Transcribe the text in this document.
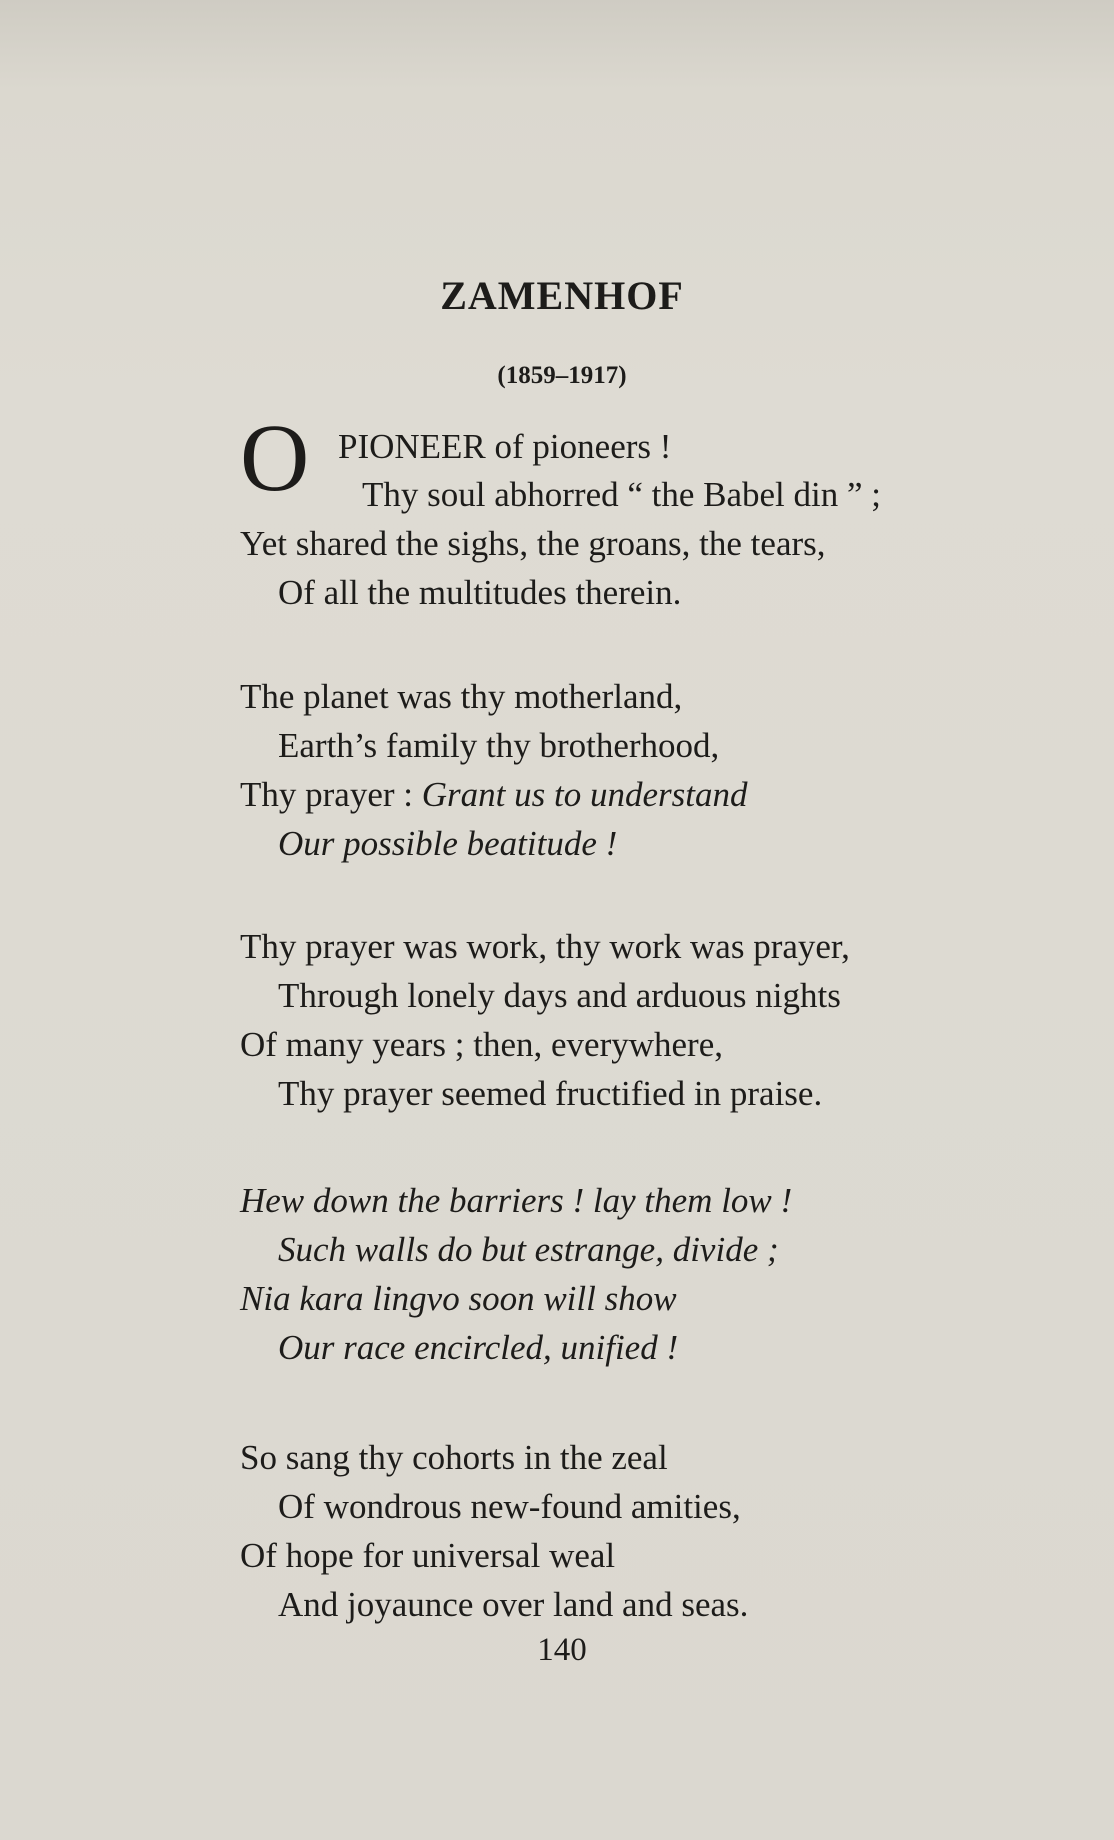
ZAMENHOF
(1859–1917)
O PIONEER of pioneers !
Thy soul abhorred “ the Babel din ” ;
Yet shared the sighs, the groans, the tears,
Of all the multitudes therein.
The planet was thy motherland,
Earth’s family thy brotherhood,
Thy prayer : Grant us to understand
Our possible beatitude !
Thy prayer was work, thy work was prayer,
Through lonely days and arduous nights
Of many years ; then, everywhere,
Thy prayer seemed fructified in praise.
Hew down the barriers ! lay them low !
Such walls do but estrange, divide ;
Nia kara lingvo soon will show
Our race encircled, unified !
So sang thy cohorts in the zeal
Of wondrous new-found amities,
Of hope for universal weal
And joyaunce over land and seas.
140
